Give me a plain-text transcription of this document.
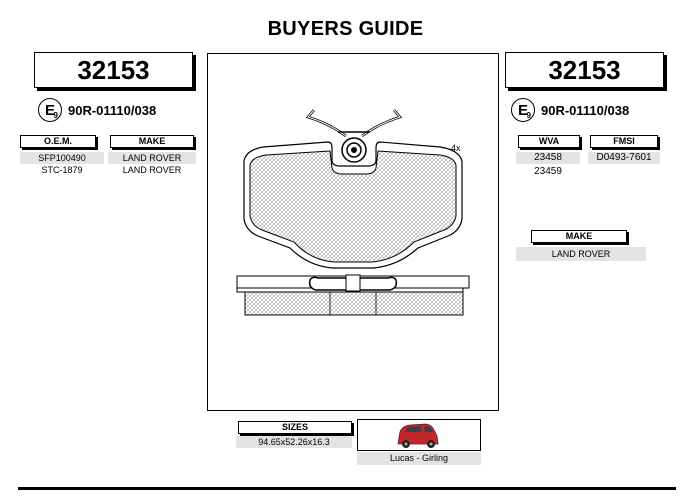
BUYERS GUIDE
32153
E
9 90R-01110/038
O.E.M.	MAKE
SFP100490	LAND ROVER
STC-1879	LAND ROVER
32153
E
9 90R-01110/038
WVA	FMSI
23458	D0493-7601
23459
MAKE
LAND ROVER
4x
SIZES
94.65x52.26x16.3
Lucas - Girling
